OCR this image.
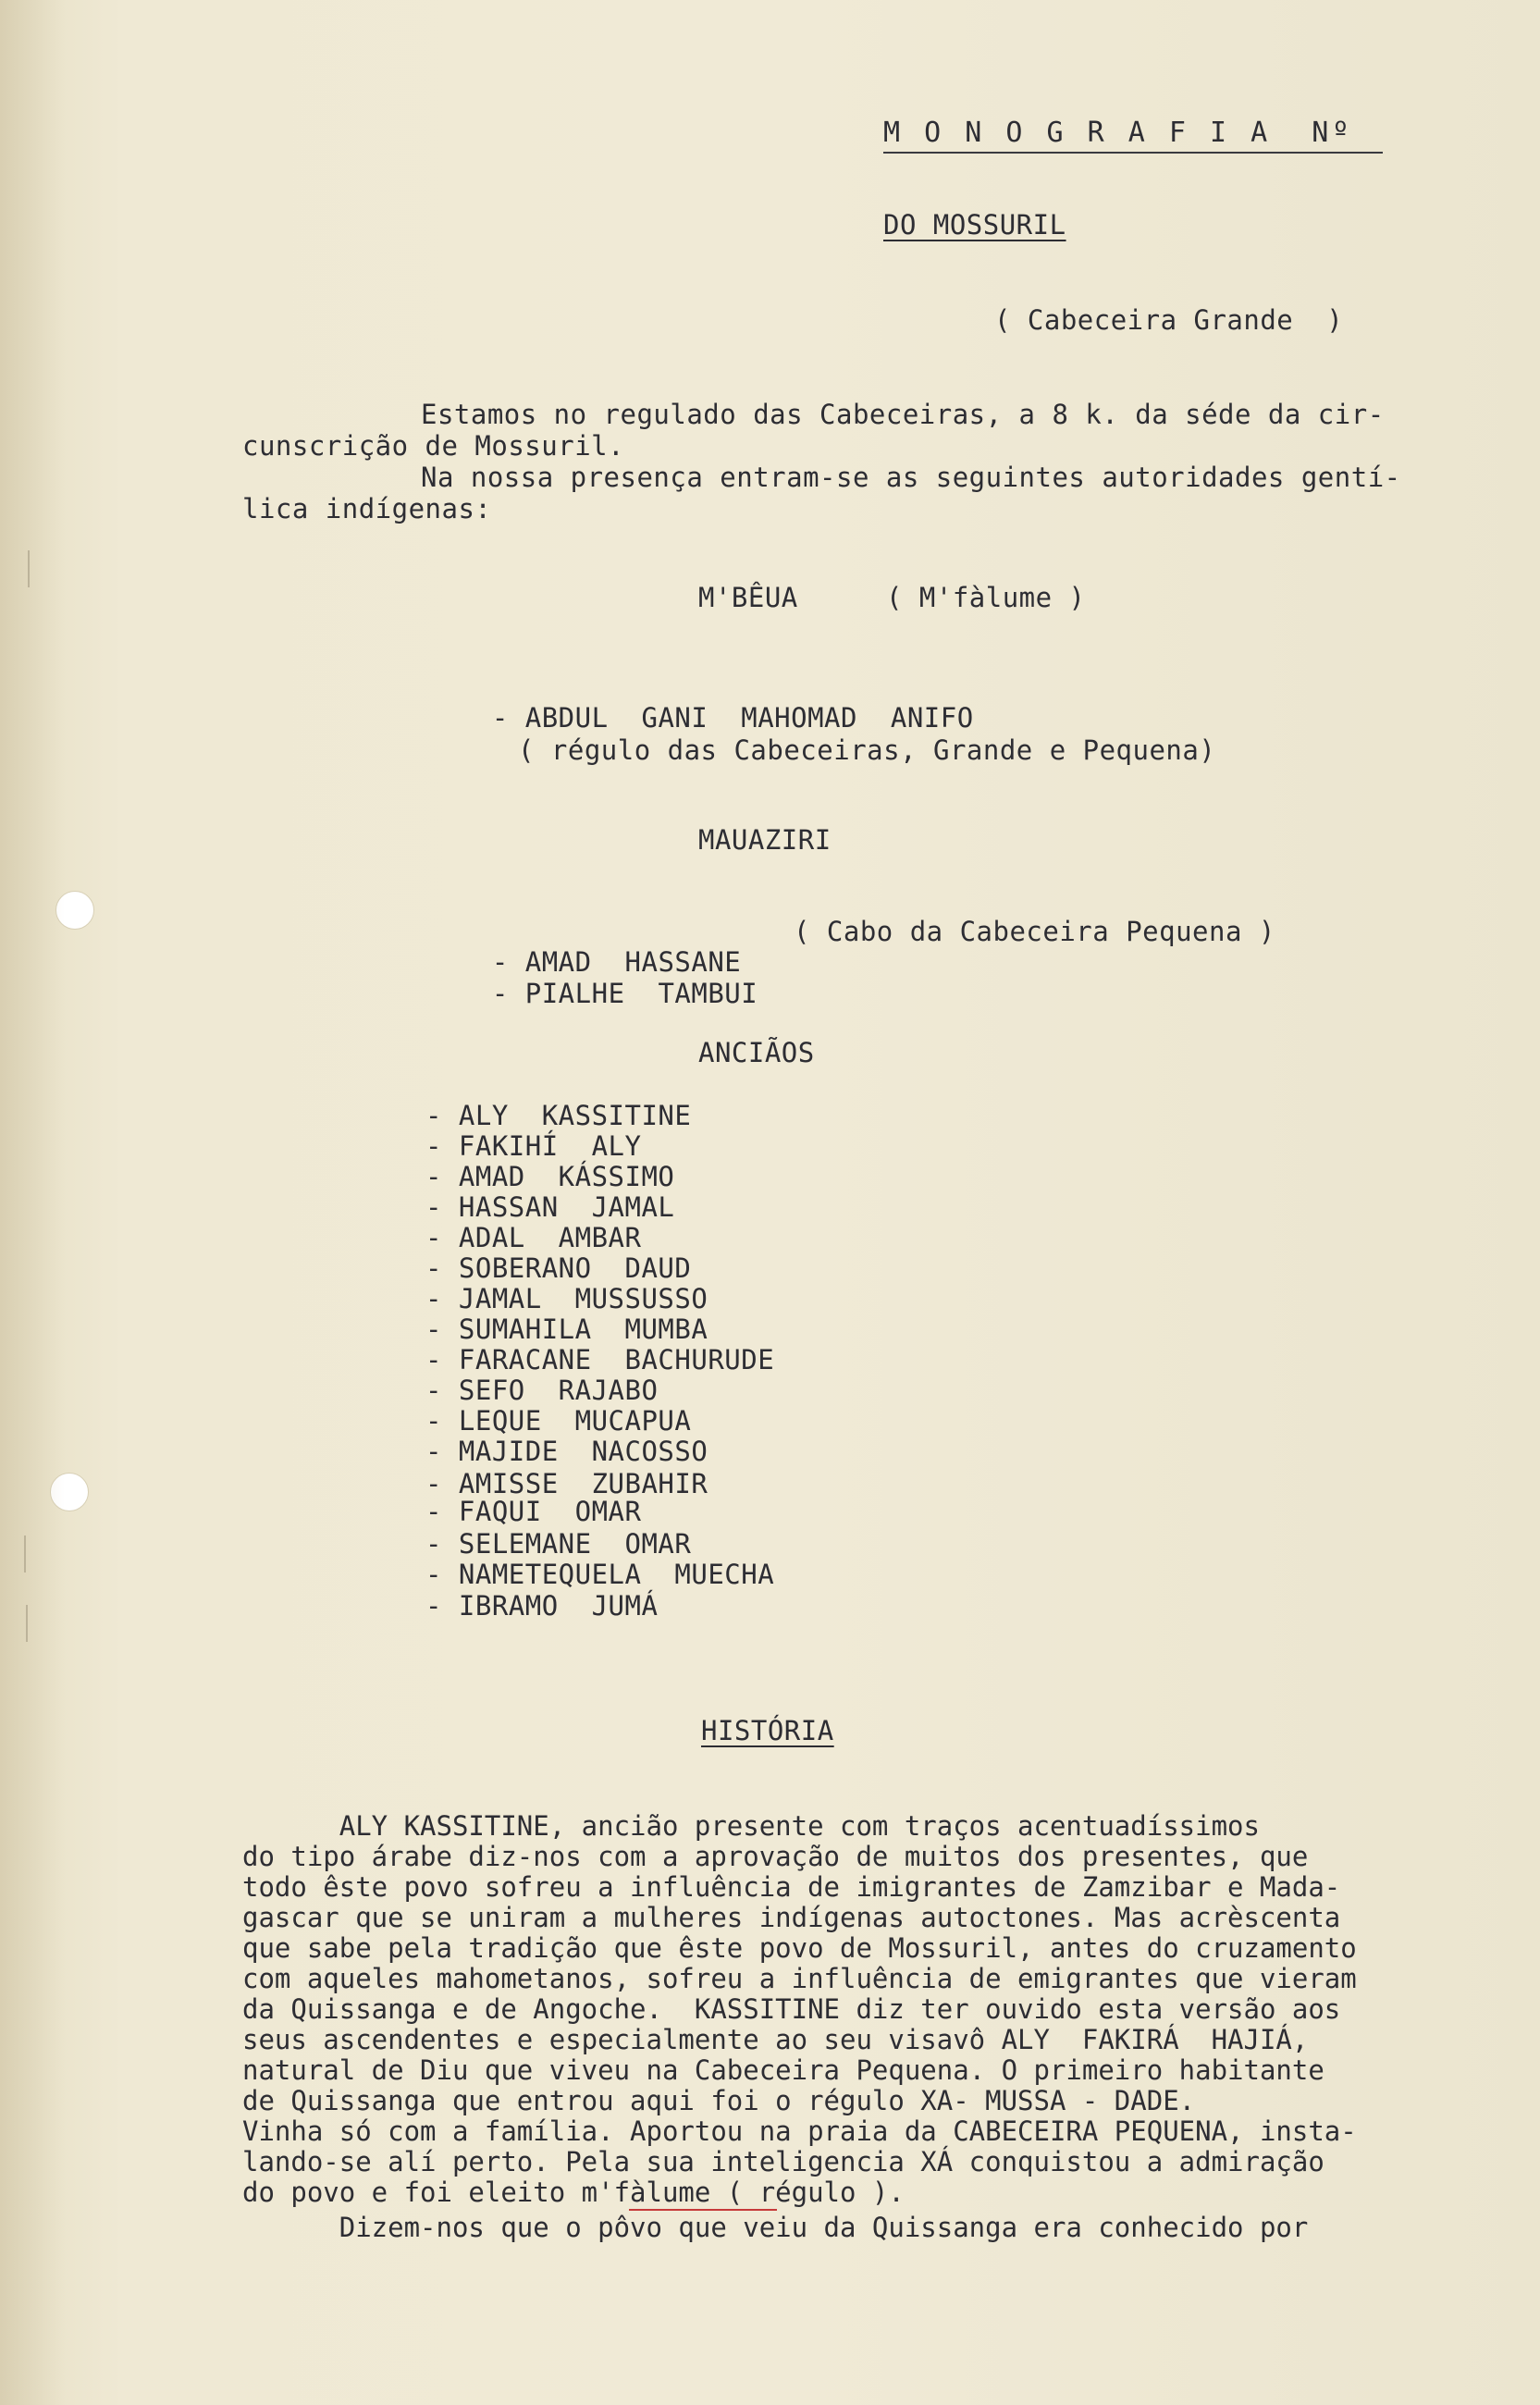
M O N O G R A F I A  Nº
DO MOSSURIL
( Cabeceira Grande  )
Estamos no regulado das Cabeceiras, a 8 k. da séde da cir-
cunscrição de Mossuril.
Na nossa presença entram-se as seguintes autoridades gentí-
lica indígenas:
M'BÊUA	( M'fàlume )

- ABDUL  GANI  MAHOMAD  ANIFO

( régulo das Cabeceiras, Grande e Pequena)
MAUAZIRI

- AMAD  HASSANE

( Cabo da Cabeceira Pequena )

- PIALHE  TAMBUI

ANCIÃOS
- ALY  KASSITINE
- FAKIHÍ  ALY
- AMAD  KÁSSIMO
- HASSAN  JAMAL
- ADAL  AMBAR
- SOBERANO  DAUD
- JAMAL  MUSSUSSO
- SUMAHILA  MUMBA
- FARACANE  BACHURUDE
- SEFO  RAJABO
- LEQUE  MUCAPUA
- MAJIDE  NACOSSO
- AMISSE  ZUBAHIR
- FAQUI  OMAR
- SELEMANE  OMAR
- NAMETEQUELA  MUECHA
- IBRAMO  JUMÁ
HISTÓRIA
ALY KASSITINE, ancião presente com traços acentuadíssimos
do tipo árabe diz-nos com a aprovação de muitos dos presentes, que
todo êste povo sofreu a influência de imigrantes de Zamzibar e Mada-
gascar que se uniram a mulheres indígenas autoctones. Mas acrèscenta
que sabe pela tradição que êste povo de Mossuril, antes do cruzamento
com aqueles mahometanos, sofreu a influência de emigrantes que vieram
da Quissanga e de Angoche.  KASSITINE diz ter ouvido esta versão aos
seus ascendentes e especialmente ao seu visavô ALY  FAKIRÁ  HAJIÁ,
natural de Diu que viveu na Cabeceira Pequena. O primeiro habitante
de Quissanga que entrou aqui foi o régulo XA- MUSSA - DADE.
Vinha só com a família. Aportou na praia da CABECEIRA PEQUENA, insta-
lando-se alí perto. Pela sua inteligencia XÁ conquistou a admiração
do povo e foi eleito m'fàlume ( régulo ).
Dizem-nos que o pôvo que veiu da Quissanga era conhecido por
